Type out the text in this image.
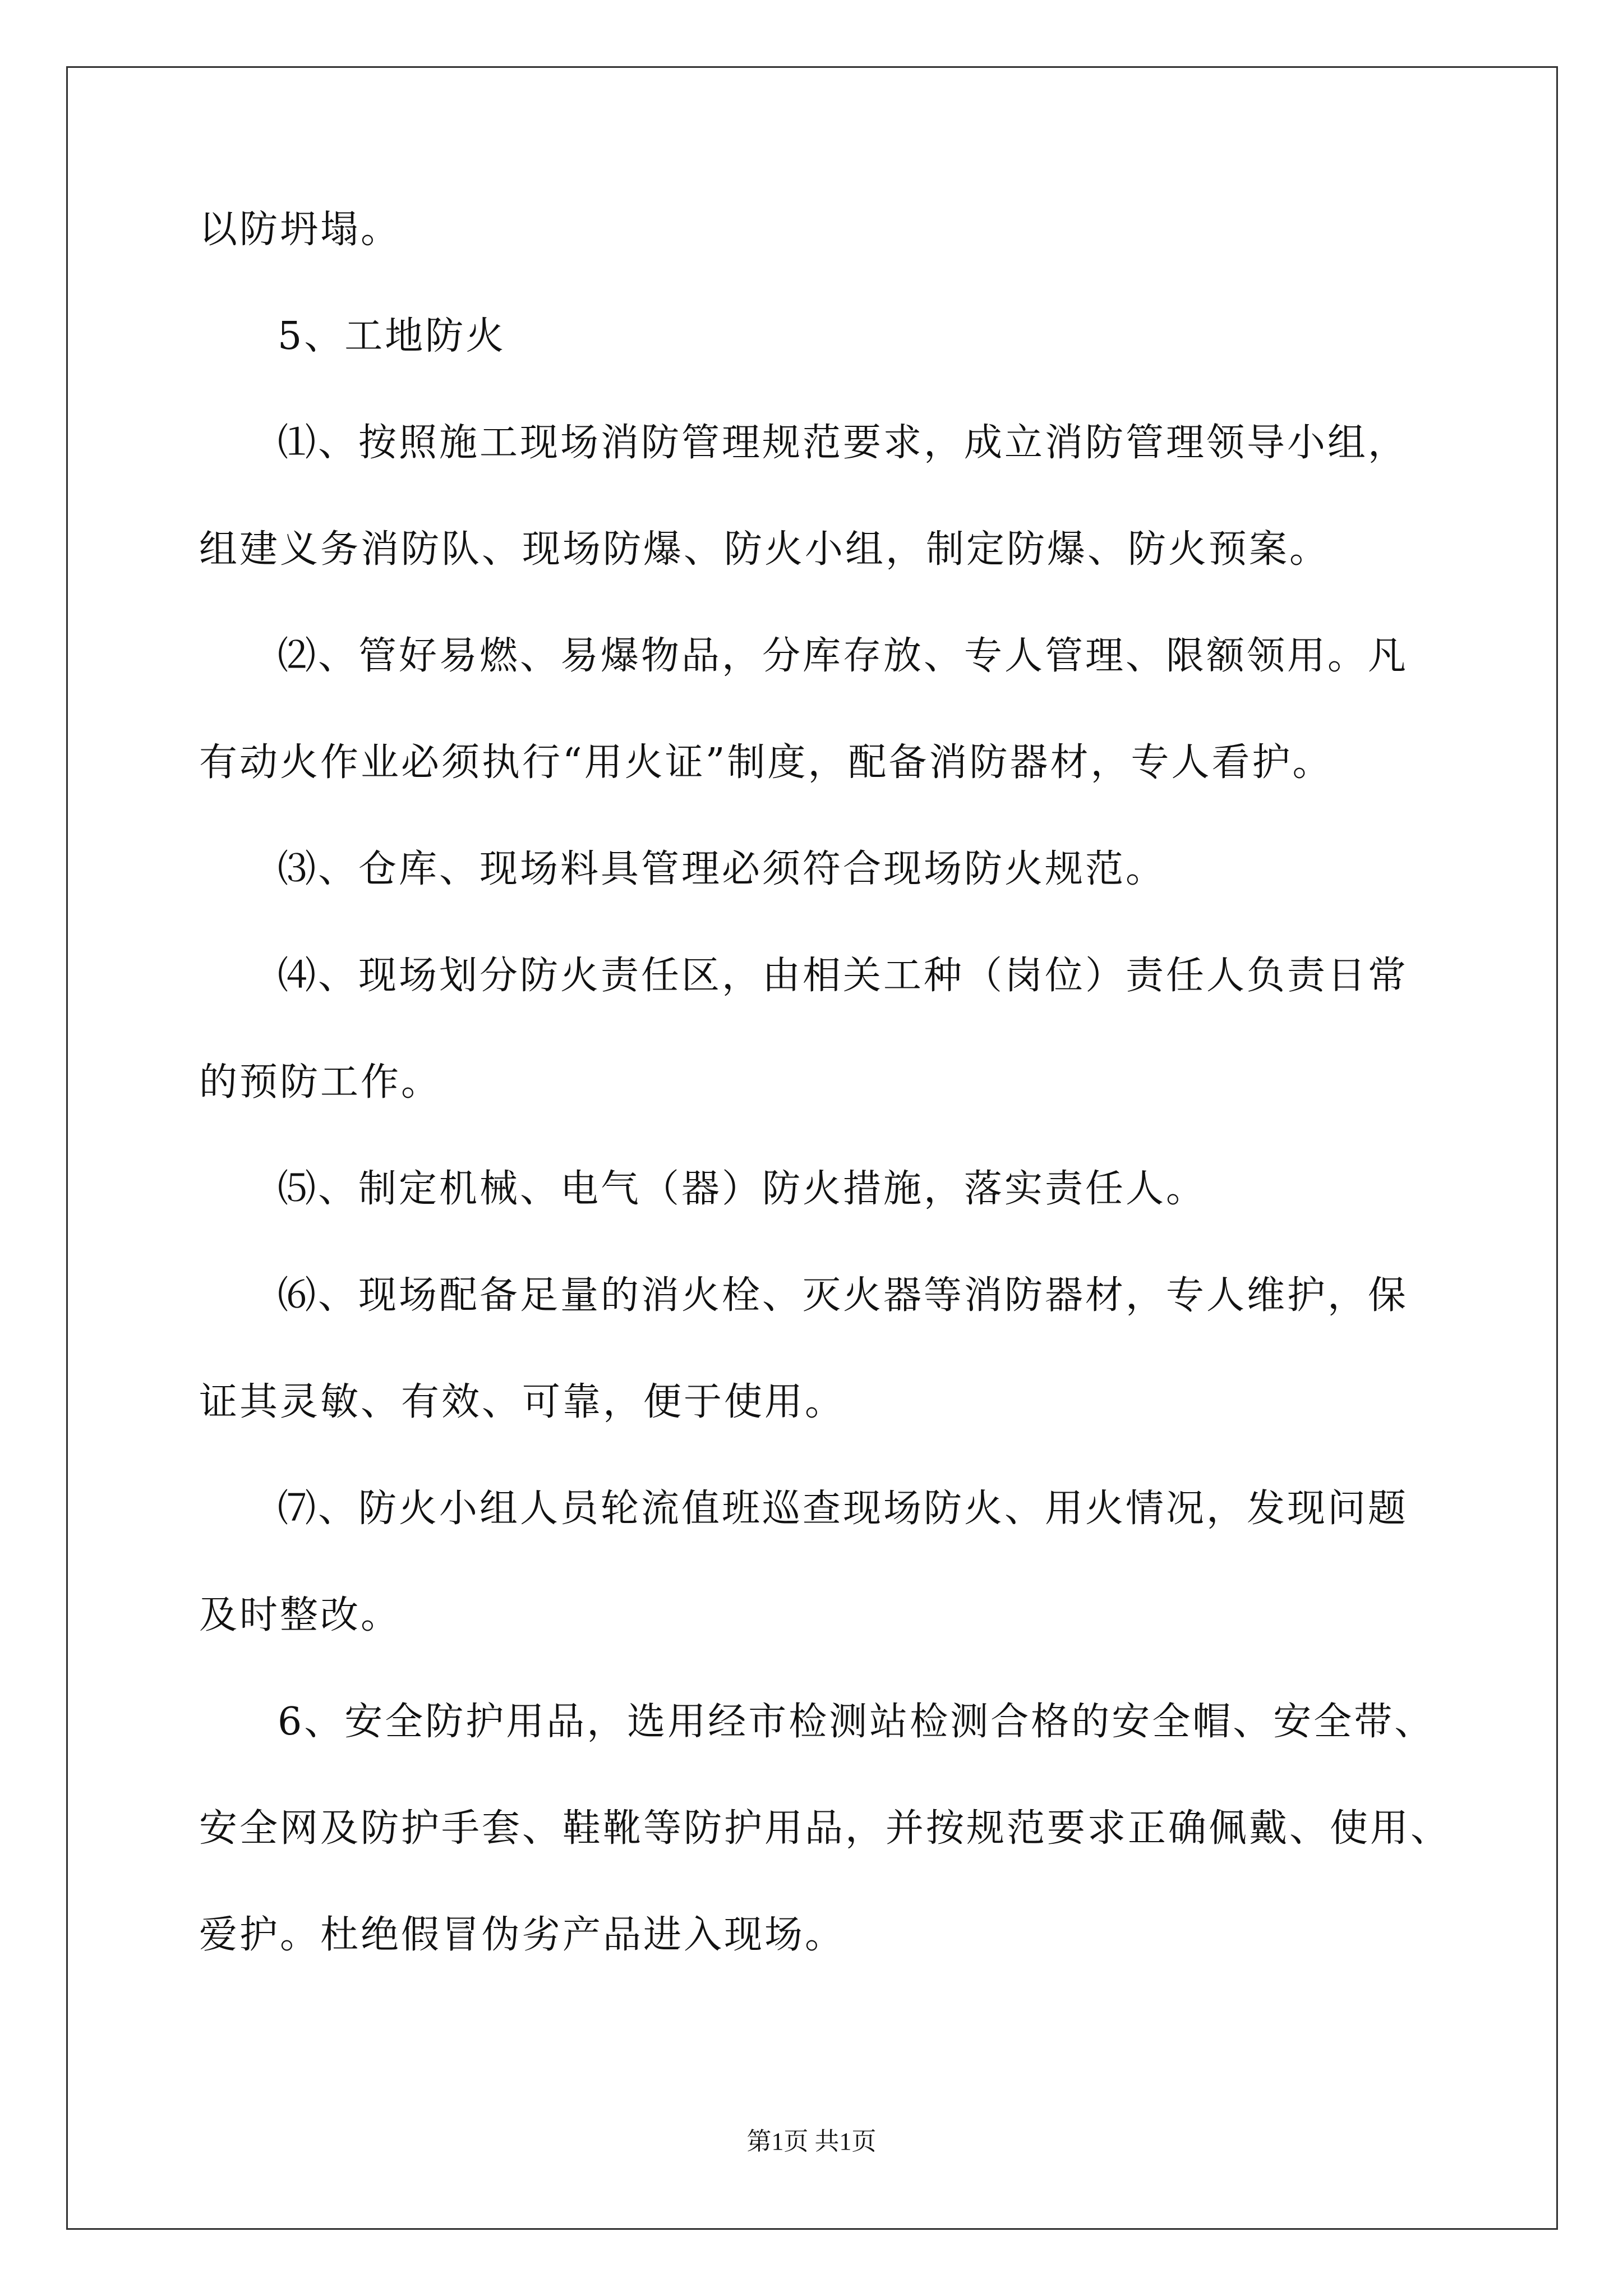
以防坍塌。
5、工地防火
⑴、按照施工现场消防管理规范要求，成立消防管理领导小组，
组建义务消防队、现场防爆、防火小组，制定防爆、防火预案。
⑵、管好易燃、易爆物品，分库存放、专人管理、限额领用。凡
有动火作业必须执行“用火证”制度，配备消防器材，专人看护。
⑶、仓库、现场料具管理必须符合现场防火规范。
⑷、现场划分防火责任区，由相关工种（岗位）责任人负责日常
的预防工作。
⑸、制定机械、电气（器）防火措施，落实责任人。
⑹、现场配备足量的消火栓、灭火器等消防器材，专人维护，保
证其灵敏、有效、可靠，便于使用。
⑺、防火小组人员轮流值班巡查现场防火、用火情况，发现问题
及时整改。
6、安全防护用品，选用经市检测站检测合格的安全帽、安全带、
安全网及防护手套、鞋靴等防护用品，并按规范要求正确佩戴、使用、
爱护。杜绝假冒伪劣产品进入现场。
第1页 共1页
